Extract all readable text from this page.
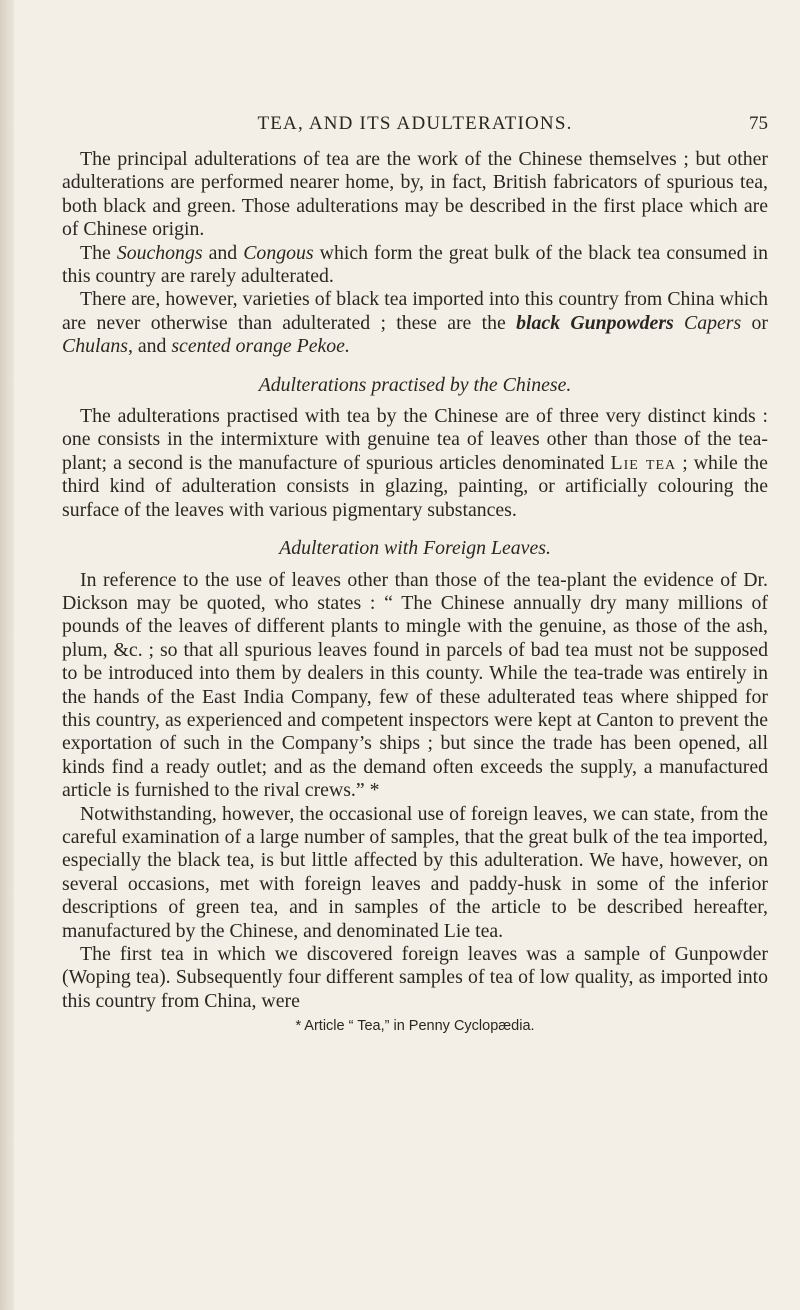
TEA, AND ITS ADULTERATIONS.	75

The principal adulterations of tea are the work of the Chinese themselves ; but other adulterations are performed nearer home, by, in fact, British fabricators of spurious tea, both black and green. Those adulterations may be described in the first place which are of Chinese origin.

The Souchongs and Congous which form the great bulk of the black tea consumed in this country are rarely adulterated.

There are, however, varieties of black tea imported into this country from China which are never otherwise than adulterated ; these are the black Gunpowders Capers or Chulans, and scented orange Pekoe.

Adulterations practised by the Chinese.

The adulterations practised with tea by the Chinese are of three very distinct kinds : one consists in the intermixture with genuine tea of leaves other than those of the tea-plant; a second is the manufacture of spurious articles denominated Lie tea ; while the third kind of adulteration consists in glazing, painting, or artificially colouring the surface of the leaves with various pigmentary substances.

Adulteration with Foreign Leaves.

In reference to the use of leaves other than those of the tea-plant the evidence of Dr. Dickson may be quoted, who states : “ The Chinese annually dry many millions of pounds of the leaves of different plants to mingle with the genuine, as those of the ash, plum, &c. ; so that all spurious leaves found in parcels of bad tea must not be supposed to be introduced into them by dealers in this county. While the tea-trade was entirely in the hands of the East India Company, few of these adulterated teas where shipped for this country, as experienced and competent inspectors were kept at Canton to prevent the exportation of such in the Company’s ships ; but since the trade has been opened, all kinds find a ready outlet; and as the demand often exceeds the supply, a manufactured article is furnished to the rival crews.” *

Notwithstanding, however, the occasional use of foreign leaves, we can state, from the careful examination of a large number of samples, that the great bulk of the tea imported, especially the black tea, is but little affected by this adulteration. We have, however, on several occasions, met with foreign leaves and paddy-husk in some of the inferior descriptions of green tea, and in samples of the article to be described hereafter, manufactured by the Chinese, and denominated Lie tea.

The first tea in which we discovered foreign leaves was a sample of Gunpowder (Woping tea). Subsequently four different samples of tea of low quality, as imported into this country from China, were

* Article “ Tea,” in Penny Cyclopædia.
